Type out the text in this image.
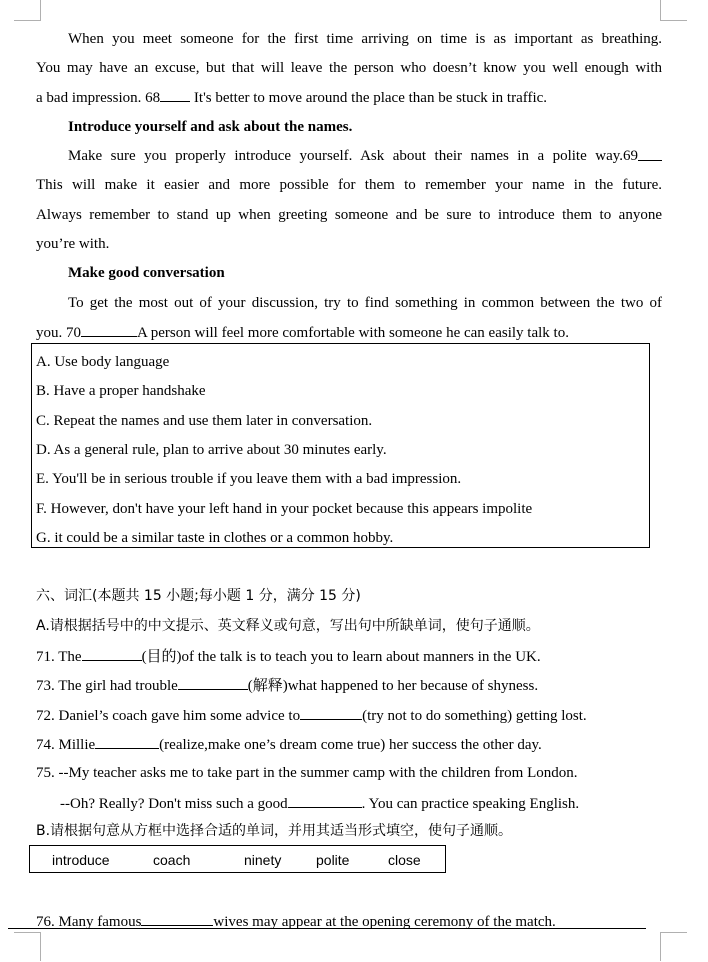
When you meet someone for the first time arriving on time is as important as breathing.
You may have an excuse, but that will leave the person who doesn’t know you well enough with
a bad impression. 68 It's better to move around the place than be stuck in traffic.
Introduce yourself and ask about the names.
Make sure you properly introduce yourself. Ask about their names in a polite way.69
This will make it easier and more possible for them to remember your name in the future.
Always remember to stand up when greeting someone and be sure to introduce them to anyone
you’re with.
Make good conversation
To get the most out of your discussion, try to find something in common between the two of
you. 70	A person will feel more comfortable with someone he can easily talk to.
A. Use body language
B. Have a proper handshake
C. Repeat the names and use them later in conversation.
D. As a general rule, plan to arrive about 30 minutes early.
E. You'll be in serious trouble if you leave them with a bad impression.
F. However, don't have your left hand in your pocket because this appears impolite
G. it could be a similar taste in clothes or a common hobby.
六、词汇(本题共 15 小题;每小题 1 分，满分 15 分)
A.请根据括号中的中文提示、英文释义或句意，写出句中所缺单词，使句子通顺。
71. The	(目的)of the talk is to teach you to learn about manners in the UK.
73. The girl had trouble	(解释)what happened to her because of shyness.
72. Daniel’s coach gave him some advice to	(try not to do something) getting lost.
74. Millie	(realize,make one’s dream come true) her success the other day.
75. --My teacher asks me to take part in the summer camp with the children from London.
--Oh? Really? Don't miss such a good	. You can practice speaking English.
B.请根据句意从方框中选择合适的单词，并用其适当形式填空，使句子通顺。
introduce	coach	ninety polite	close
76. Many famous	wives may appear at the opening ceremony of the match.
